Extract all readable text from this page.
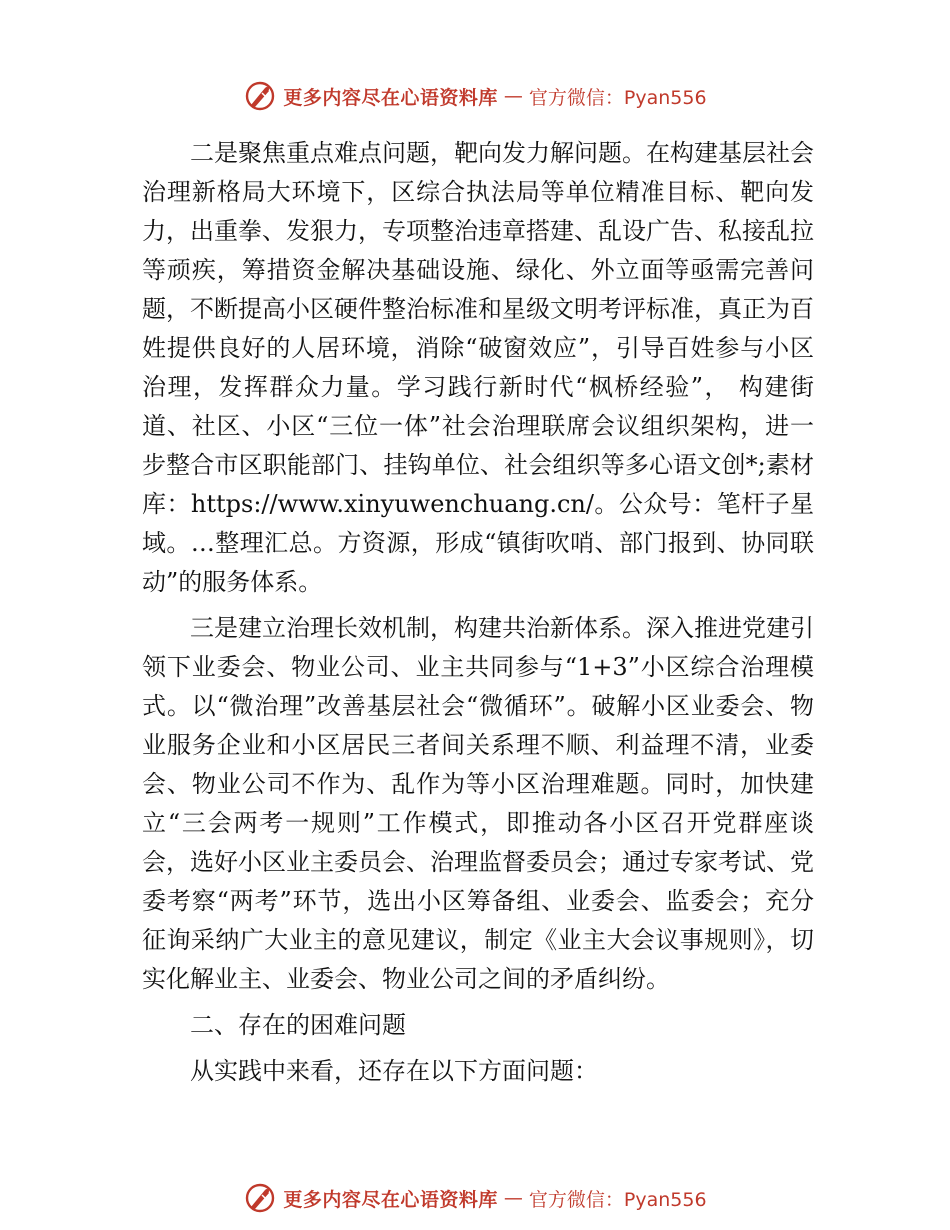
更多内容尽在心语资料库 — 官方微信：Pyan556

二是聚焦重点难点问题，靶向发力解问题。在构建基层社会治理新格局大环境下，区综合执法局等单位精准目标、靶向发力，出重拳、发狠力，专项整治违章搭建、乱设广告、私接乱拉等顽疾，筹措资金解决基础设施、绿化、外立面等亟需完善问题，不断提高小区硬件整治标准和星级文明考评标准，真正为百姓提供良好的人居环境，消除“破窗效应”，引导百姓参与小区治理，发挥群众力量。学习践行新时代“枫桥经验”， 构建街道、社区、小区“三位一体”社会治理联席会议组织架构，进一步整合市区职能部门、挂钩单位、社会组织等多心语文创*;素材库：https://www.xinyuwenchuang.cn/。公众号：笔杆子星域。…整理汇总。方资源，形成“镇街吹哨、部门报到、协同联动”的服务体系。

三是建立治理长效机制，构建共治新体系。深入推进党建引领下业委会、物业公司、业主共同参与“1+3”小区综合治理模式。以“微治理”改善基层社会“微循环”。破解小区业委会、物业服务企业和小区居民三者间关系理不顺、利益理不清，业委会、物业公司不作为、乱作为等小区治理难题。同时，加快建立“三会两考一规则”工作模式，即推动各小区召开党群座谈会，选好小区业主委员会、治理监督委员会；通过专家考试、党委考察“两考”环节，选出小区筹备组、业委会、监委会；充分征询采纳广大业主的意见建议，制定《业主大会议事规则》，切实化解业主、业委会、物业公司之间的矛盾纠纷。

二、存在的困难问题

从实践中来看，还存在以下方面问题：

更多内容尽在心语资料库 — 官方微信：Pyan556
